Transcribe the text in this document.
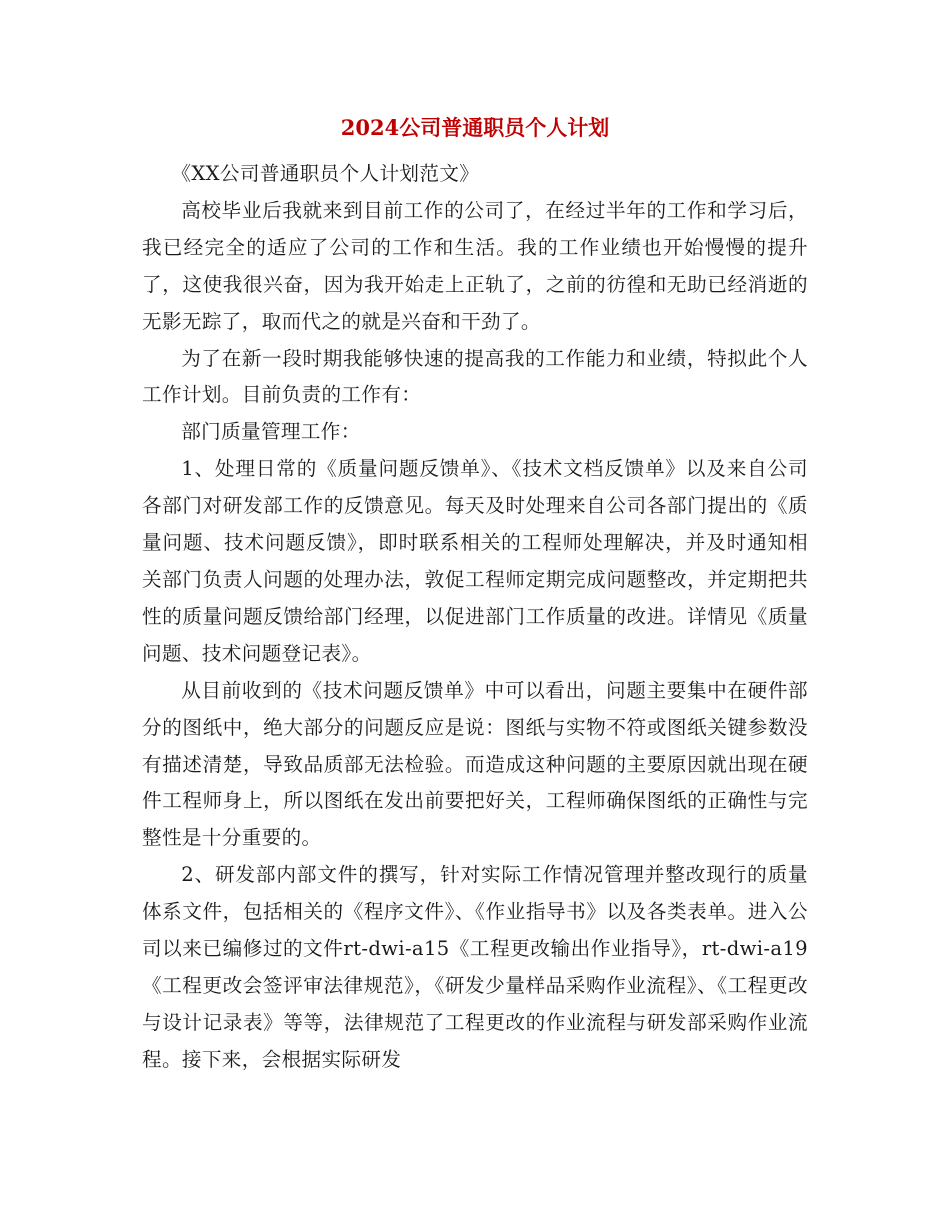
2024公司普通职员个人计划

《XX公司普通职员个人计划范文》

高校毕业后我就来到目前工作的公司了，在经过半年的工作和学习后，我已经完全的适应了公司的工作和生活。我的工作业绩也开始慢慢的提升了，这使我很兴奋，因为我开始走上正轨了，之前的彷徨和无助已经消逝的无影无踪了，取而代之的就是兴奋和干劲了。

为了在新一段时期我能够快速的提高我的工作能力和业绩，特拟此个人工作计划。目前负责的工作有：

部门质量管理工作：

1、处理日常的《质量问题反馈单》、《技术文档反馈单》以及来自公司各部门对研发部工作的反馈意见。每天及时处理来自公司各部门提出的《质量问题、技术问题反馈》，即时联系相关的工程师处理解决，并及时通知相关部门负责人问题的处理办法，敦促工程师定期完成问题整改，并定期把共性的质量问题反馈给部门经理，以促进部门工作质量的改进。详情见《质量问题、技术问题登记表》。

从目前收到的《技术问题反馈单》中可以看出，问题主要集中在硬件部分的图纸中，绝大部分的问题反应是说：图纸与实物不符或图纸关键参数没有描述清楚，导致品质部无法检验。而造成这种问题的主要原因就出现在硬件工程师身上，所以图纸在发出前要把好关，工程师确保图纸的正确性与完整性是十分重要的。

2、研发部内部文件的撰写，针对实际工作情况管理并整改现行的质量体系文件，包括相关的《程序文件》、《作业指导书》以及各类表单。进入公司以来已编修过的文件rt-dwi-a15《工程更改输出作业指导》，rt-dwi-a19《工程更改会签评审法律规范》，《研发少量样品采购作业流程》、《工程更改与设计记录表》等等，法律规范了工程更改的作业流程与研发部采购作业流程。接下来，会根据实际研发
